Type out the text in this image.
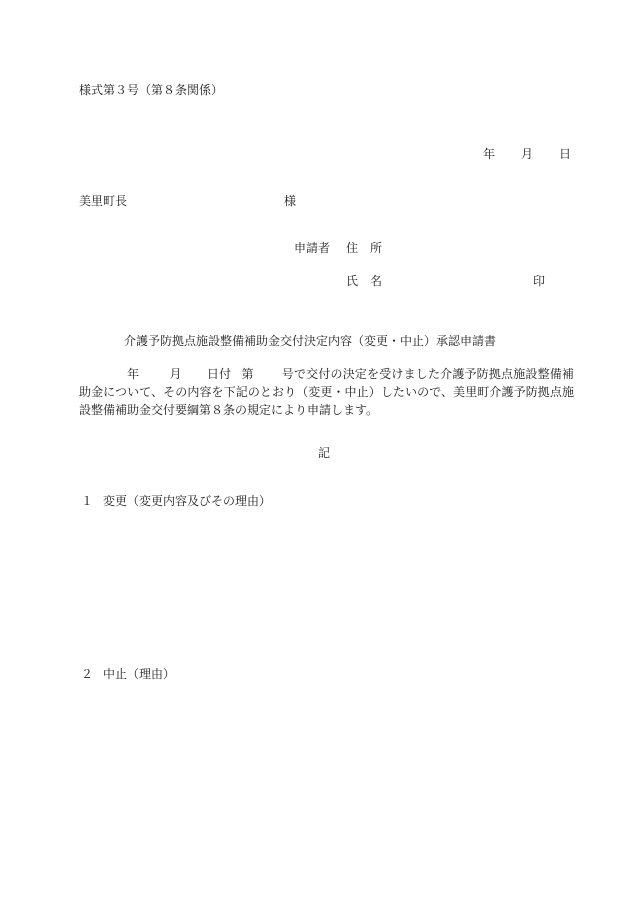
様式第３号（第８条関係）
年 月 日
美里町長	様
申請者 住　所
氏　名	印
介護予防拠点施設整備補助金交付決定内容（変更・中止）承認申請書
年	月 日付 第 号で交付の決定を受けました介護予防拠点施設整備補助金について、その内容を下記のとおり（変更・中止）したいので、美里町介護予防拠点施設整備補助金交付要綱第８条の規定により申請します。
記
１ 変更（変更内容及びその理由）
２ 中止（理由）
